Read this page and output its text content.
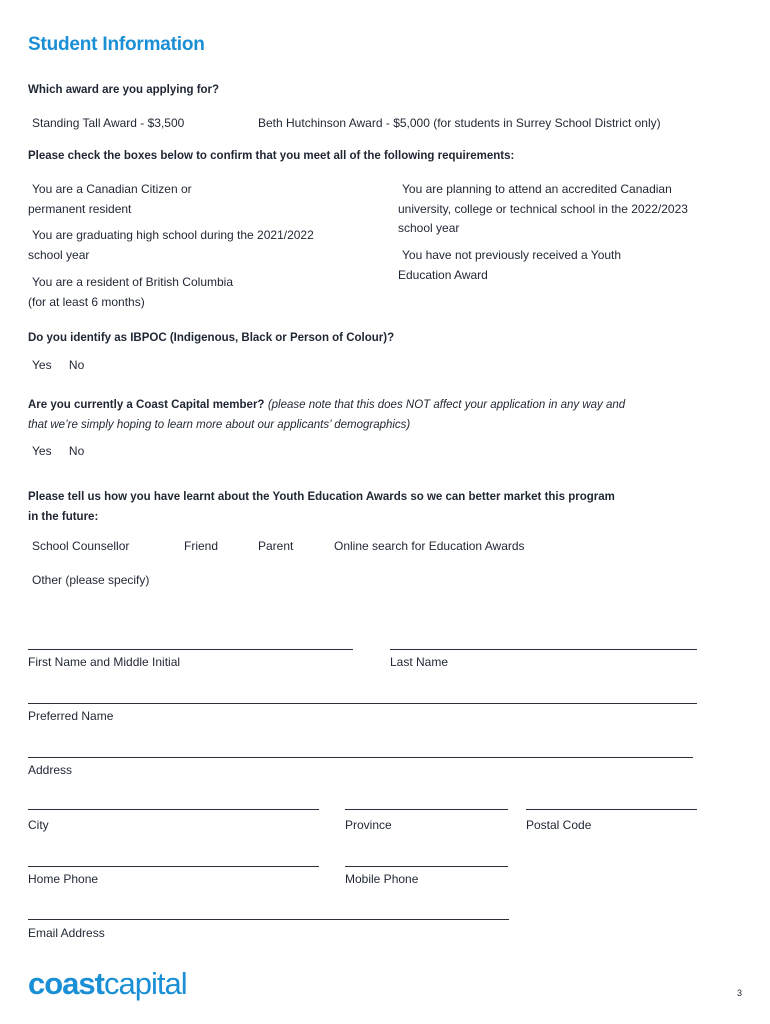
Student Information
Which award are you applying for?
Standing Tall Award - $3,500	Beth Hutchinson Award - $5,000 (for students in Surrey School District only)
Please check the boxes below to confirm that you meet all of the following requirements:
You are a Canadian Citizen or
permanent resident
You are graduating high school during the 2021/2022
school year
You are a resident of British Columbia
(for at least 6 months)
You are planning to attend an accredited Canadian
university, college or technical school in the 2022/2023
school year
You have not previously received a Youth
Education Award
Do you identify as IBPOC (Indigenous, Black or Person of Colour)?
Yes No
Are you currently a Coast Capital member? (please note that this does NOT affect your application in any way and
that we’re simply hoping to learn more about our applicants’ demographics)
Yes No
Please tell us how you have learnt about the Youth Education Awards so we can better market this program
in the future:
School Counsellor	Friend	Parent	Online search for Education Awards
Other (please specify)
First Name and Middle Initial	Last Name
Preferred Name
Address
City	Province	Postal Code
Home Phone	Mobile Phone
Email Address
coastcapital	3
